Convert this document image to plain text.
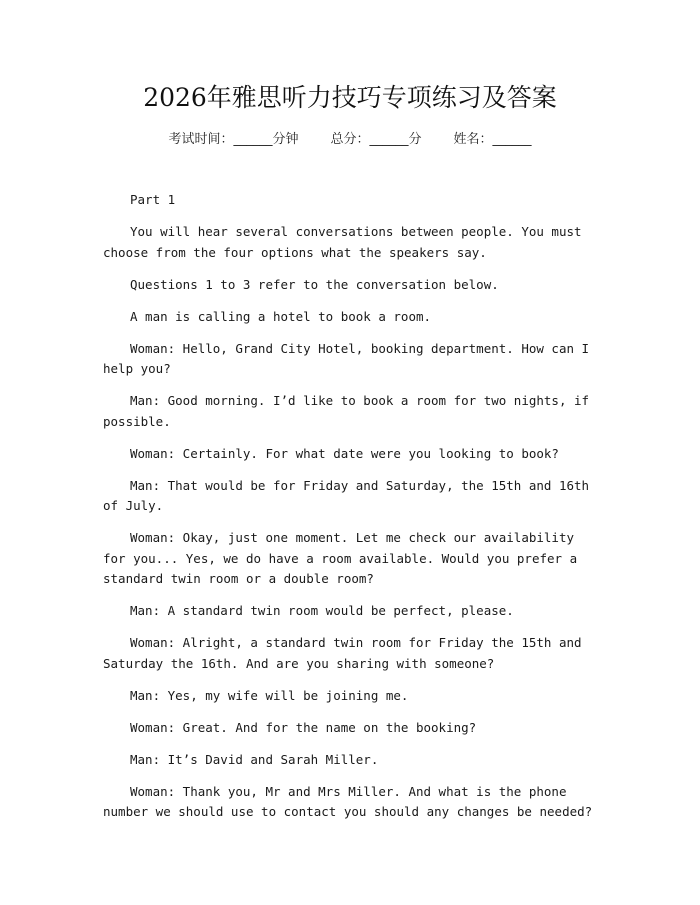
2026年雅思听力技巧专项练习及答案
考试时间：______分钟 总分：______分 姓名：______

Part 1

You will hear several conversations between people. You must choose from the four options what the speakers say.

Questions 1 to 3 refer to the conversation below.

A man is calling a hotel to book a room.

Woman: Hello, Grand City Hotel, booking department. How can I help you?

Man: Good morning. I’d like to book a room for two nights, if possible.

Woman: Certainly. For what date were you looking to book?

Man: That would be for Friday and Saturday, the 15th and 16th of July.

Woman: Okay, just one moment. Let me check our availability for you... Yes, we do have a room available. Would you prefer a standard twin room or a double room?

Man: A standard twin room would be perfect, please.

Woman: Alright, a standard twin room for Friday the 15th and Saturday the 16th. And are you sharing with someone?

Man: Yes, my wife will be joining me.

Woman: Great. And for the name on the booking?

Man: It’s David and Sarah Miller.

Woman: Thank you, Mr and Mrs Miller. And what is the phone number we should use to contact you should any changes be needed?
